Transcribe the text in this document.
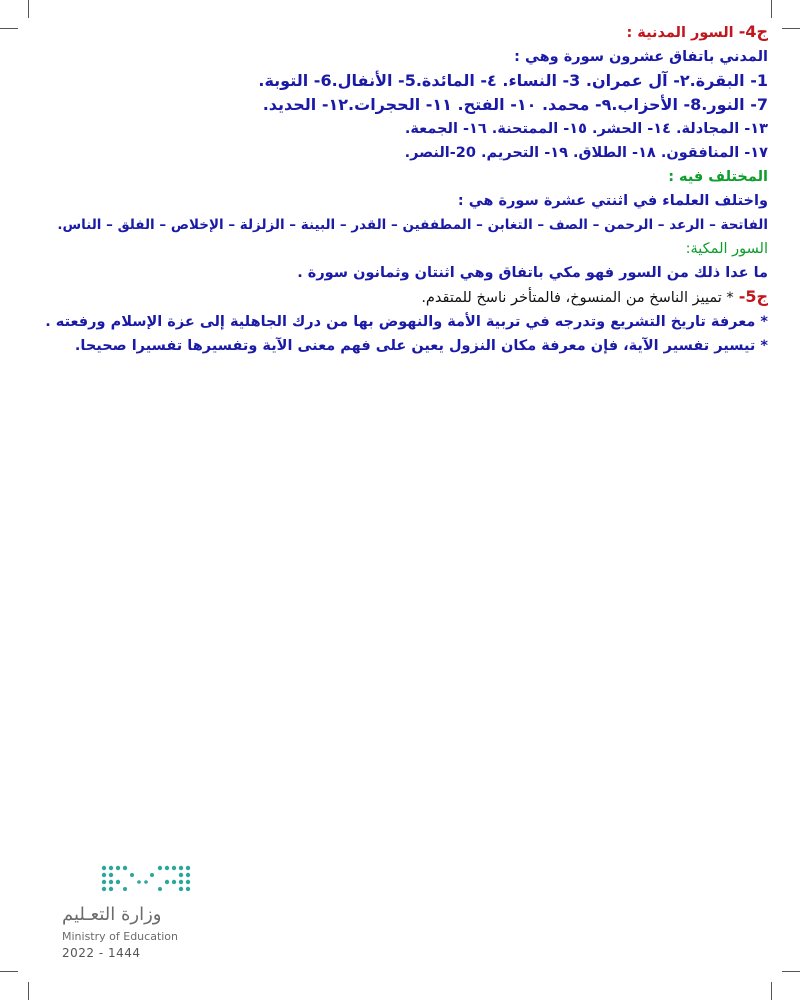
ج4- السور المدنية :
المدني باتفاق عشرون سورة وهي :
1- البقرة.٢- آل عمران. 3- النساء. ٤- المائدة.5- الأنفال.6- التوبة.
7- النور.8- الأحزاب.٩- محمد. ١٠- الفتح. ١١- الحجرات.١٢- الحديد.
١٣- المجادلة. ١٤- الحشر. ١٥- الممتحنة. ١٦- الجمعة.
١٧- المنافقون. ١٨- الطلاق. ١٩- التحريم. 20-النصر.
المختلف فيه :
واختلف العلماء في اثنتي عشرة سورة هي :
الفاتحة – الرعد – الرحمن – الصف – التغابن – المطففين – القدر – البينة – الزلزلة – الإخلاص – الفلق – الناس.
السور المكية:
ما عدا ذلك من السور فهو مكي باتفاق وهي اثنتان وثمانون سورة .
ج5- * تمييز الناسخ من المنسوخ، فالمتأخر ناسخ للمتقدم.
* معرفة تاريخ التشريع وتدرجه في تربية الأمة والنهوض بها من درك الجاهلية إلى عزة الإسلام ورفعته .
* تيسير تفسير الآية، فإن معرفة مكان النزول يعين على فهم معنى الآية وتفسيرها تفسيرا صحيحا.
وزارة التعـليم
Ministry of Education
2022 - 1444
